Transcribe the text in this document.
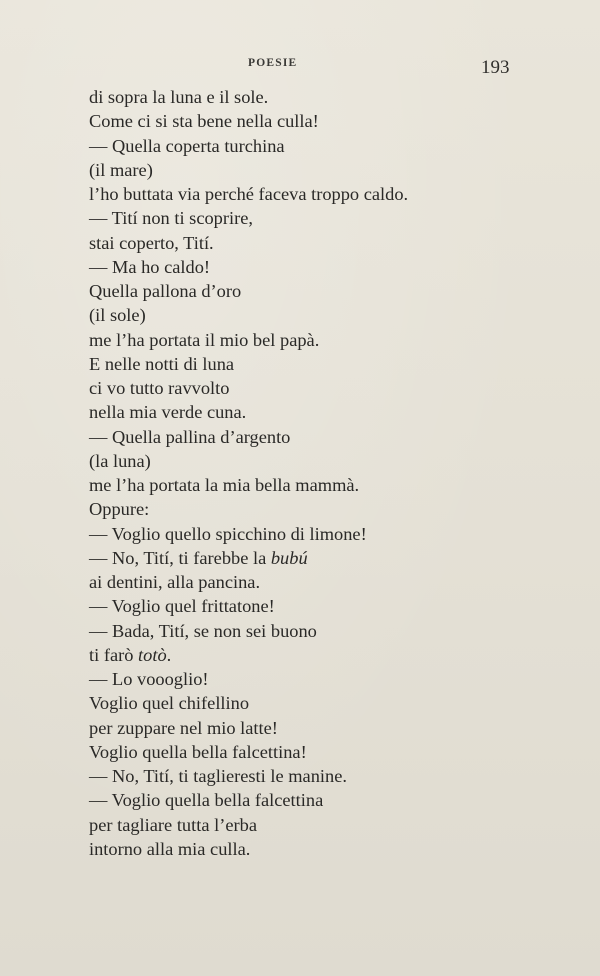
POESIE	193
di sopra la luna e il sole.
Come ci si sta bene nella culla!
— Quella coperta turchina
(il mare)
l’ho buttata via perché faceva troppo caldo.
— Tití non ti scoprire,
stai coperto, Tití.
— Ma ho caldo!
Quella pallona d’oro
(il sole)
me l’ha portata il mio bel papà.
E nelle notti di luna
ci vo tutto ravvolto
nella mia verde cuna.
— Quella pallina d’argento
(la luna)
me l’ha portata la mia bella mammà.
Oppure:
— Voglio quello spicchino di limone!
— No, Tití, ti farebbe la bubú
ai dentini, alla pancina.
— Voglio quel frittatone!
— Bada, Tití, se non sei buono
ti farò totò.
— Lo voooglio!
Voglio quel chifellino
per zuppare nel mio latte!
Voglio quella bella falcettina!
— No, Tití, ti taglieresti le manine.
— Voglio quella bella falcettina
per tagliare tutta l’erba
intorno alla mia culla.
